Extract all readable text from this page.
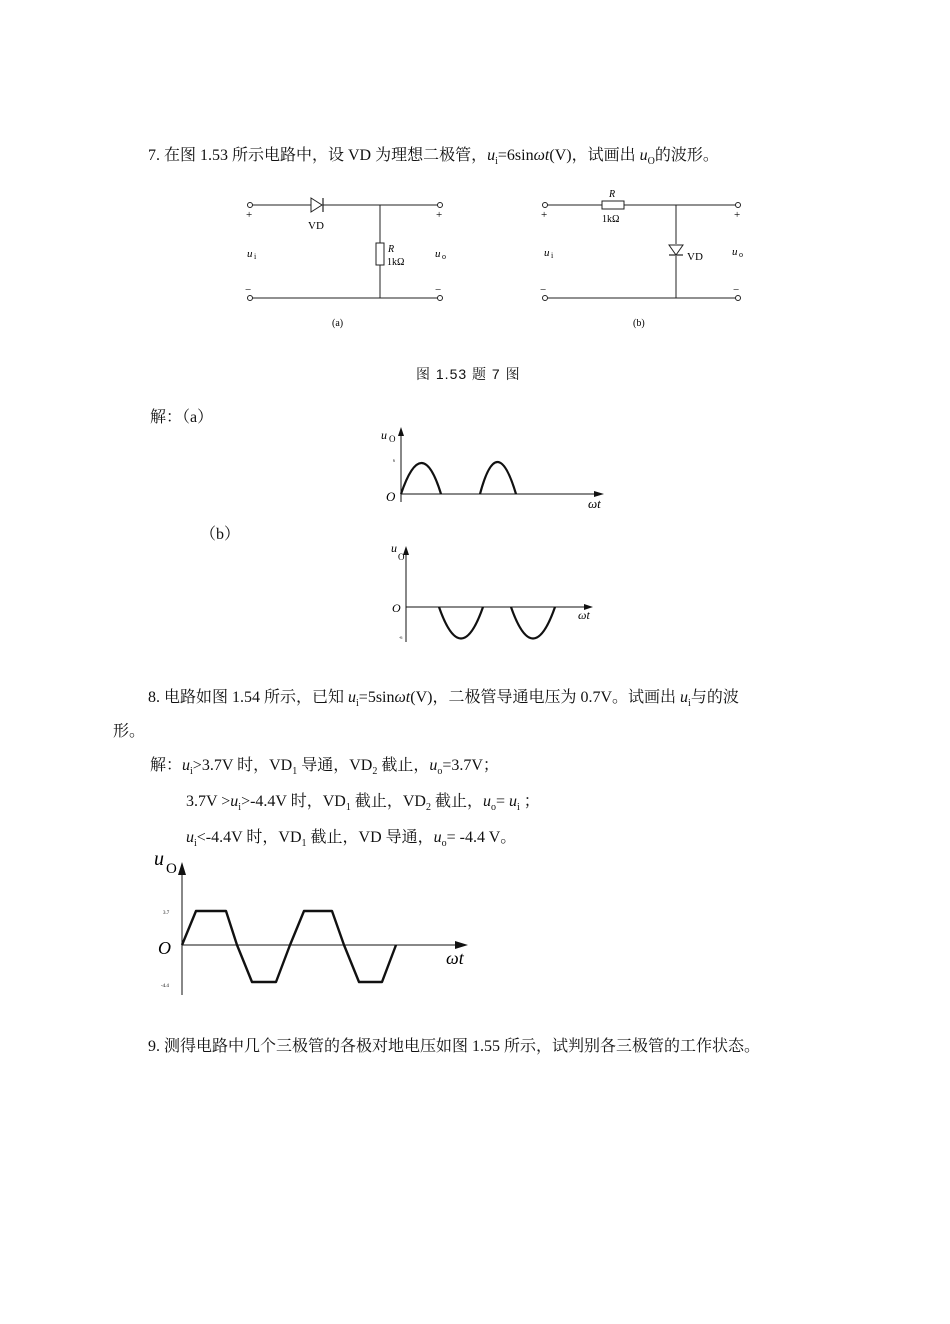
7. 在图 1.53 所示电路中，设 VD 为理想二极管，$u_i=6\sin\omega t(V)$，试画出 $u_O$的波形。
+	+
−	−
u i	u o
VD
R
1kΩ
(a)
+	+
−	−
u i	u o
VD
R
1kΩ
(b)
图 1.53 题 7 图
解：（a）
u O
6
O	ωt
（b）
u
O
-6
O	ωt
8. 电路如图 1.54 所示，已知 $u_i=5\sin\omega t(V)$，二极管导通电压为 0.7V。试画出 $u_i$与的波
形。
解：$u_i>3.7V$ 时，$VD_1$ 导通，$VD_2$ 截止，$u_o=3.7V$；
$3.7V >u_i>-4.4V$ 时，$VD_1$ 截止，$VD_2$ 截止，$u_o= u_i$ ；
$u_i<-4.4V$ 时，$VD_1$ 截止，VD 导通，$u_o= -4.4$ V。
u O
3.7
-4.4
O	ωt
9. 测得电路中几个三极管的各极对地电压如图 1.55 所示，试判别各三极管的工作状态。
